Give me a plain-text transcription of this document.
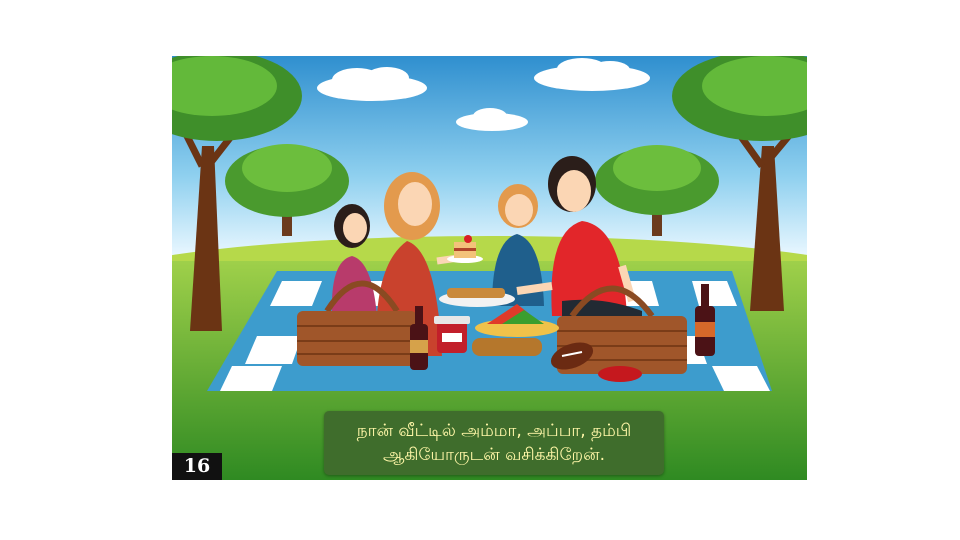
நான் வீட்டில் அம்மா, அப்பா, தம்பி
ஆகியோருடன் வசிக்கிறேன்.
16
